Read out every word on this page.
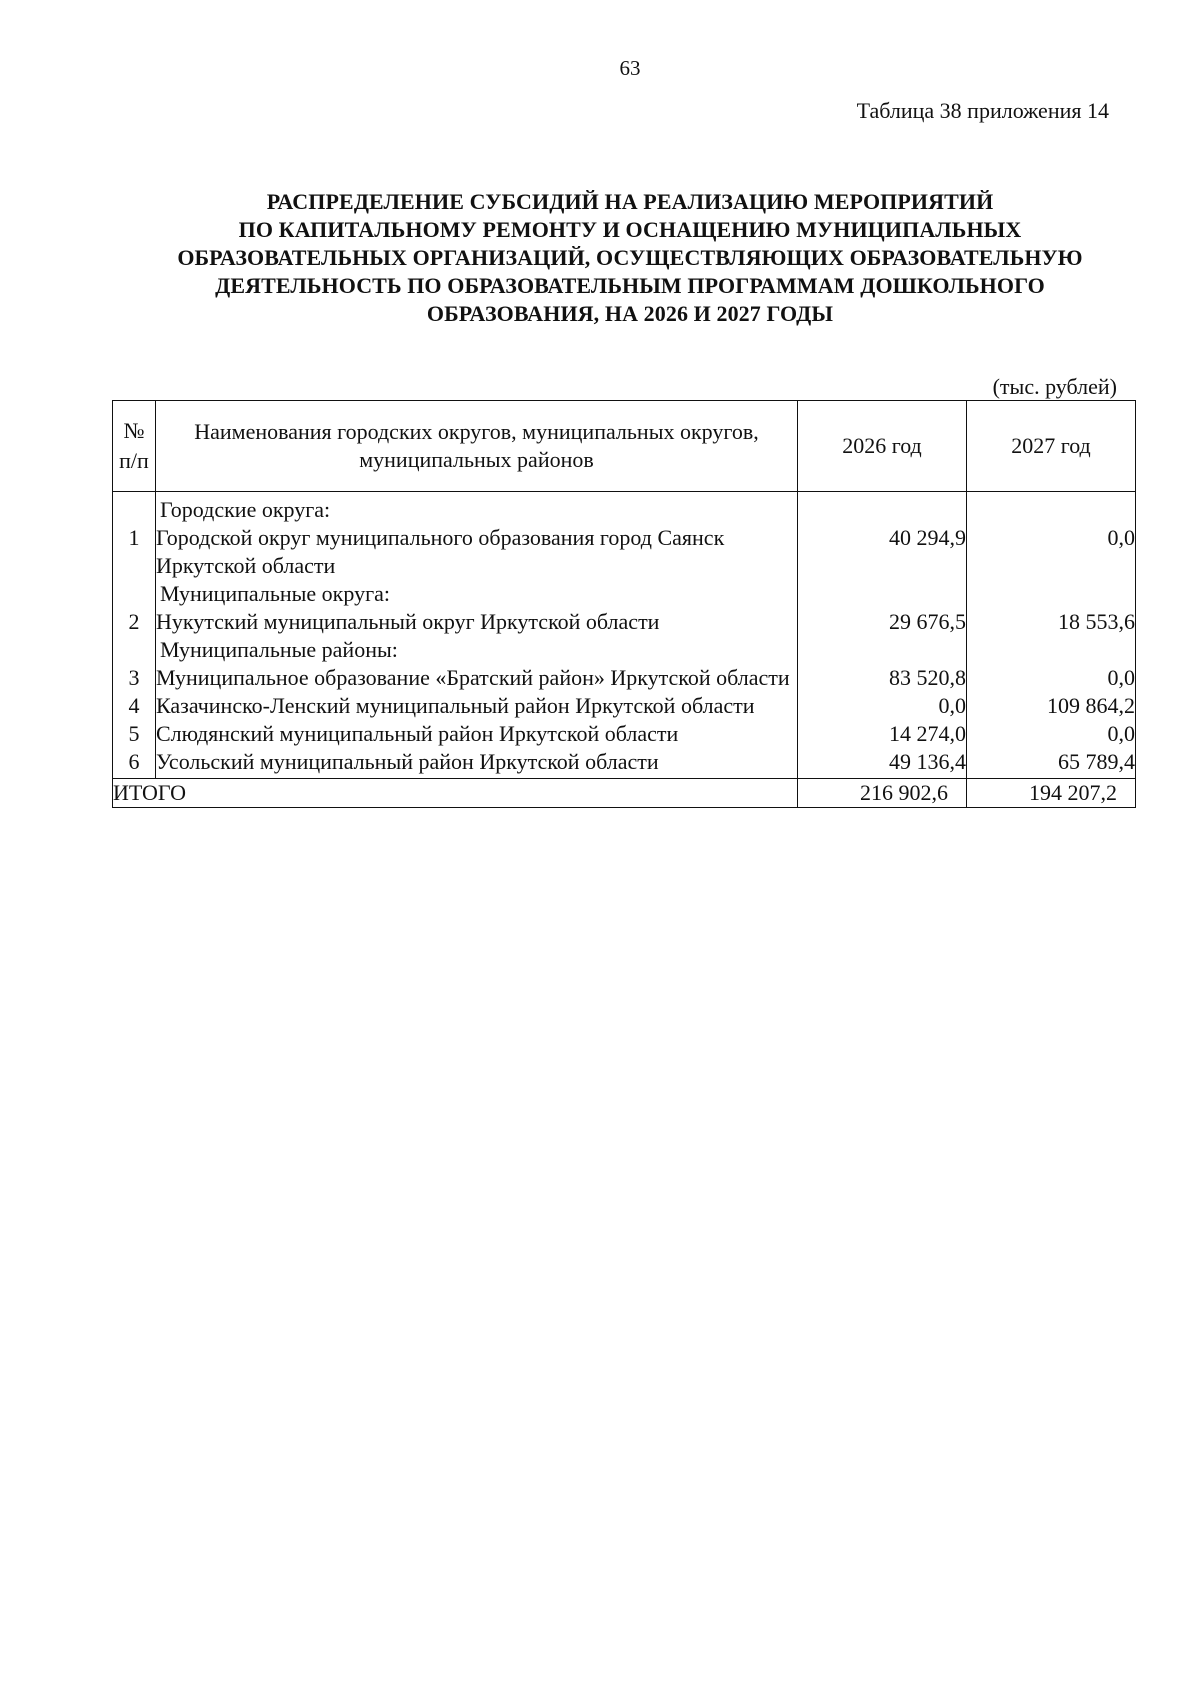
63
Таблица 38 приложения 14
РАСПРЕДЕЛЕНИЕ СУБСИДИЙ НА РЕАЛИЗАЦИЮ МЕРОПРИЯТИЙ
ПО КАПИТАЛЬНОМУ РЕМОНТУ И ОСНАЩЕНИЮ МУНИЦИПАЛЬНЫХ
ОБРАЗОВАТЕЛЬНЫХ ОРГАНИЗАЦИЙ, ОСУЩЕСТВЛЯЮЩИХ ОБРАЗОВАТЕЛЬНУЮ
ДЕЯТЕЛЬНОСТЬ ПО ОБРАЗОВАТЕЛЬНЫМ ПРОГРАММАМ ДОШКОЛЬНОГО
ОБРАЗОВАНИЯ, НА 2026 И 2027 ГОДЫ
(тыс. рублей)
№
п/п	Наименования городских округов, муниципальных округов, муниципальных районов	2026 год	2027 год
	Городские округа:		
1	Городской округ муниципального образования город Саянск Иркутской области	40 294,9	0,0
	Муниципальные округа:		
2	Нукутский муниципальный округ Иркутской области	29 676,5	18 553,6
	Муниципальные районы:		
3	Муниципальное образование «Братский район» Иркутской области	83 520,8	0,0
4	Казачинско-Ленский муниципальный район Иркутской области	0,0	109 864,2
5	Слюдянский муниципальный район Иркутской области	14 274,0	0,0
6	Усольский муниципальный район Иркутской области	49 136,4	65 789,4
ИТОГО		216 902,6	194 207,2
